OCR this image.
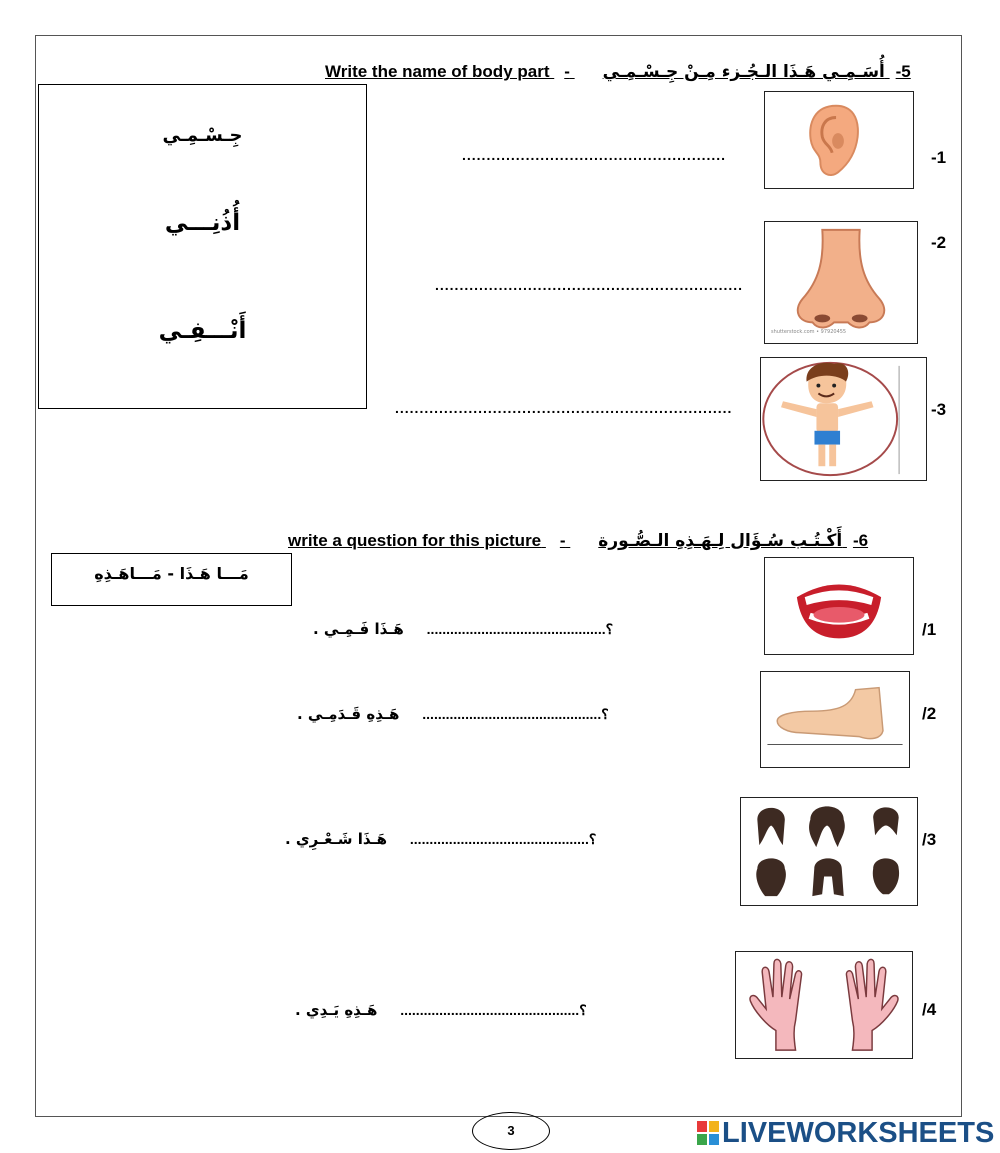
Write the name of body part - أُسَـمِـي هَـذَا الـجُـزء مِـنْ جِـسْـمِـي -5
جِـسْـمِـي
أُذُنِـــي
أَنْـــفِـي
-1
......................................................
-2
...............................................................
shutterstock.com • 97920455
-3
.....................................................................
write a question for this picture - أَكْـتُـب سُـؤَال لِـهَـذِهِ الـصُّـورة -6
مَـــا هَـذَا - مَـــاهَـذِهِ
/1
هَـذَا فَـمِـي . ..............................................؟
/2
هَـذِهِ قَـدَمِـي . ..............................................؟
/3
هَـذَا شَـعْـرِي . ..............................................؟
/4
هَـذِهِ يَـدِي . ..............................................؟
3	LIVEWORKSHEETS
